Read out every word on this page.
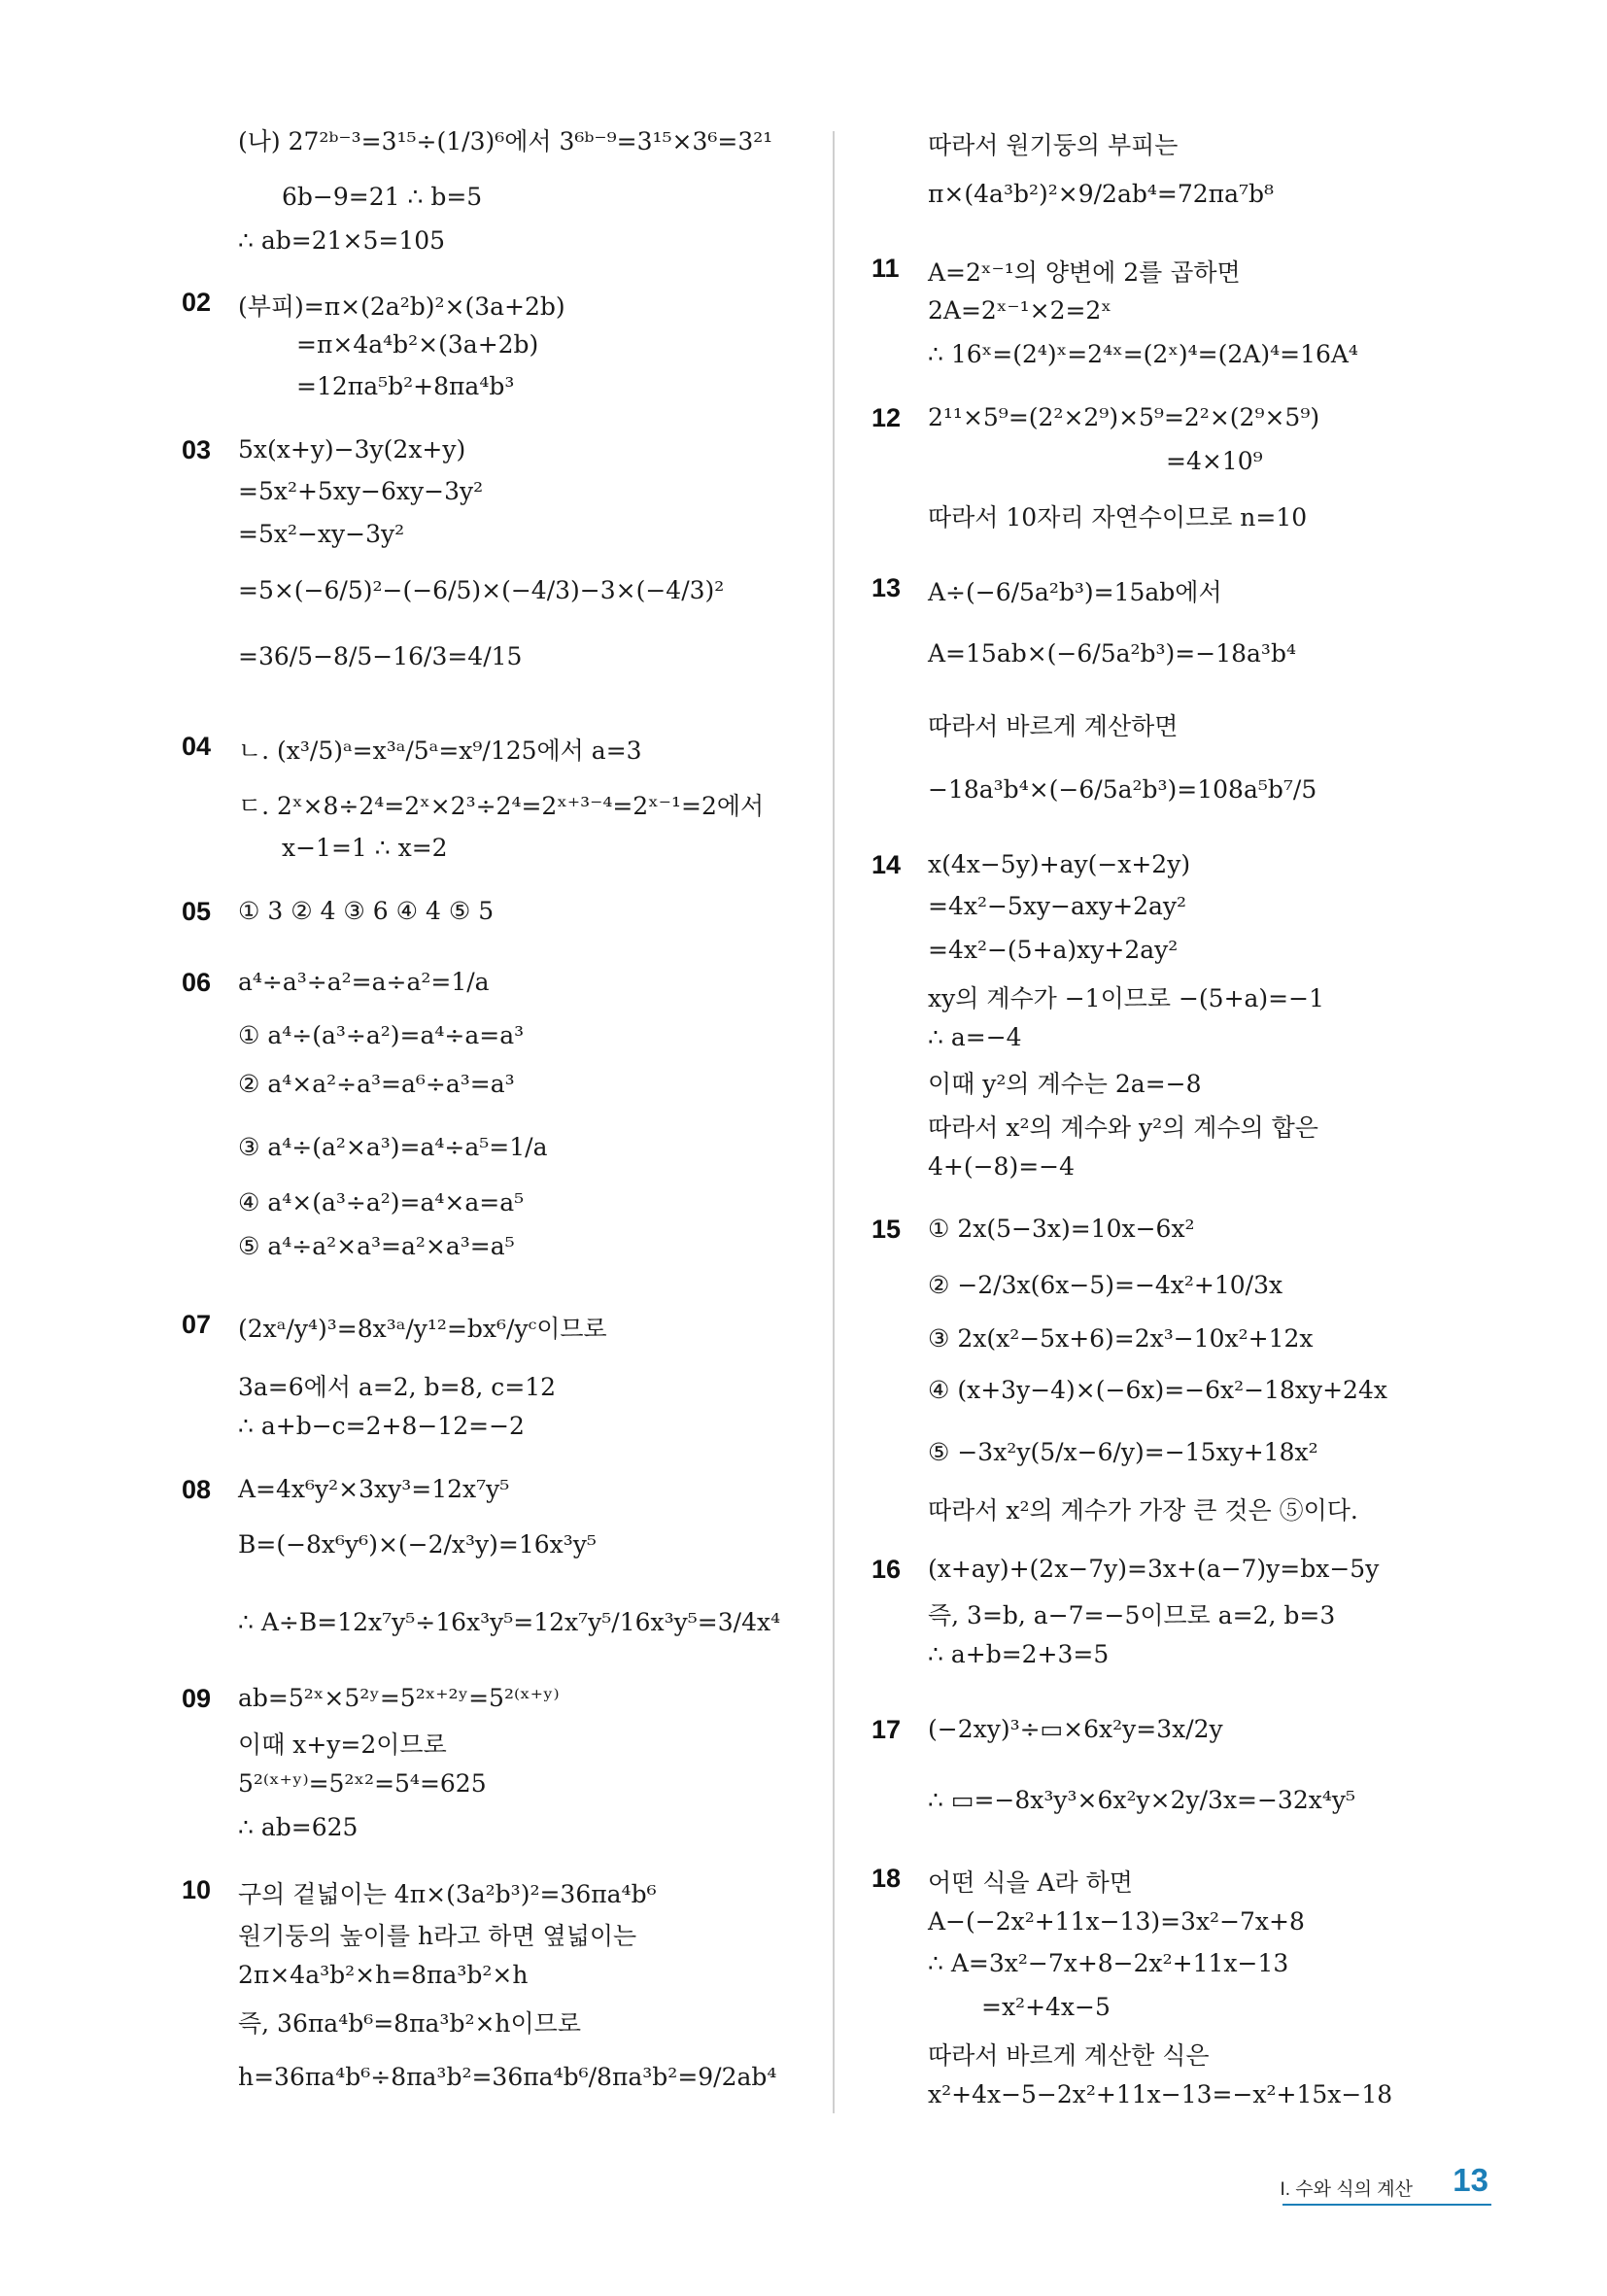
(나) 27²ᵇ⁻³=3¹⁵÷(1/3)⁶에서 3⁶ᵇ⁻⁹=3¹⁵×3⁶=3²¹
6b−9=21 ∴ b=5
∴ ab=21×5=105
02 (부피)=π×(2a²b)²×(3a+2b)
=π×4a⁴b²×(3a+2b)
=12πa⁵b²+8πa⁴b³
03 5x(x+y)−3y(2x+y)
=5x²+5xy−6xy−3y²
=5x²−xy−3y²
=5×(−6/5)²−(−6/5)×(−4/3)−3×(−4/3)²
=36/5−8/5−16/3=4/15
04 ㄴ. (x³/5)ᵃ=x³ᵃ/5ᵃ=x⁹/125에서 a=3
ㄷ. 2ˣ×8÷2⁴=2ˣ×2³÷2⁴=2ˣ⁺³⁻⁴=2ˣ⁻¹=2에서
x−1=1 ∴ x=2
05 ① 3 ② 4 ③ 6 ④ 4 ⑤ 5
06 a⁴÷a³÷a²=a÷a²=1/a
① a⁴÷(a³÷a²)=a⁴÷a=a³
② a⁴×a²÷a³=a⁶÷a³=a³
③ a⁴÷(a²×a³)=a⁴÷a⁵=1/a
④ a⁴×(a³÷a²)=a⁴×a=a⁵
⑤ a⁴÷a²×a³=a²×a³=a⁵
07 (2xᵃ/y⁴)³=8x³ᵃ/y¹²=bx⁶/yᶜ이므로
3a=6에서 a=2, b=8, c=12
∴ a+b−c=2+8−12=−2
08 A=4x⁶y²×3xy³=12x⁷y⁵
B=(−8x⁶y⁶)×(−2/x³y)=16x³y⁵
∴ A÷B=12x⁷y⁵÷16x³y⁵=12x⁷y⁵/16x³y⁵=3/4x⁴
09 ab=5²ˣ×5²ʸ=5²ˣ⁺²ʸ=5²⁽ˣ⁺ʸ⁾
이때 x+y=2이므로
5²⁽ˣ⁺ʸ⁾=5²ˣ²=5⁴=625
∴ ab=625
10 구의 겉넓이는 4π×(3a²b³)²=36πa⁴b⁶
원기둥의 높이를 h라고 하면 옆넓이는
2π×4a³b²×h=8πa³b²×h
즉, 36πa⁴b⁶=8πa³b²×h이므로
h=36πa⁴b⁶÷8πa³b²=36πa⁴b⁶/8πa³b²=9/2ab⁴
따라서 원기둥의 부피는
π×(4a³b²)²×9/2ab⁴=72πa⁷b⁸
11 A=2ˣ⁻¹의 양변에 2를 곱하면
2A=2ˣ⁻¹×2=2ˣ
∴ 16ˣ=(2⁴)ˣ=2⁴ˣ=(2ˣ)⁴=(2A)⁴=16A⁴
12 2¹¹×5⁹=(2²×2⁹)×5⁹=2²×(2⁹×5⁹)
=4×10⁹
따라서 10자리 자연수이므로 n=10
13 A÷(−6/5a²b³)=15ab에서
A=15ab×(−6/5a²b³)=−18a³b⁴
따라서 바르게 계산하면
−18a³b⁴×(−6/5a²b³)=108a⁵b⁷/5
14 x(4x−5y)+ay(−x+2y)
=4x²−5xy−axy+2ay²
=4x²−(5+a)xy+2ay²
xy의 계수가 −1이므로 −(5+a)=−1
∴ a=−4
이때 y²의 계수는 2a=−8
따라서 x²의 계수와 y²의 계수의 합은
4+(−8)=−4
15 ① 2x(5−3x)=10x−6x²
② −2/3x(6x−5)=−4x²+10/3x
③ 2x(x²−5x+6)=2x³−10x²+12x
④ (x+3y−4)×(−6x)=−6x²−18xy+24x
⑤ −3x²y(5/x−6/y)=−15xy+18x²
따라서 x²의 계수가 가장 큰 것은 ⑤이다.
16 (x+ay)+(2x−7y)=3x+(a−7)y=bx−5y
즉, 3=b, a−7=−5이므로 a=2, b=3
∴ a+b=2+3=5
17 (−2xy)³÷▭×6x²y=3x/2y
∴ ▭=−8x³y³×6x²y×2y/3x=−32x⁴y⁵
18 어떤 식을 A라 하면
A−(−2x²+11x−13)=3x²−7x+8
∴ A=3x²−7x+8−2x²+11x−13
=x²+4x−5
따라서 바르게 계산한 식은
x²+4x−5−2x²+11x−13=−x²+15x−18
I. 수와 식의 계산 13
